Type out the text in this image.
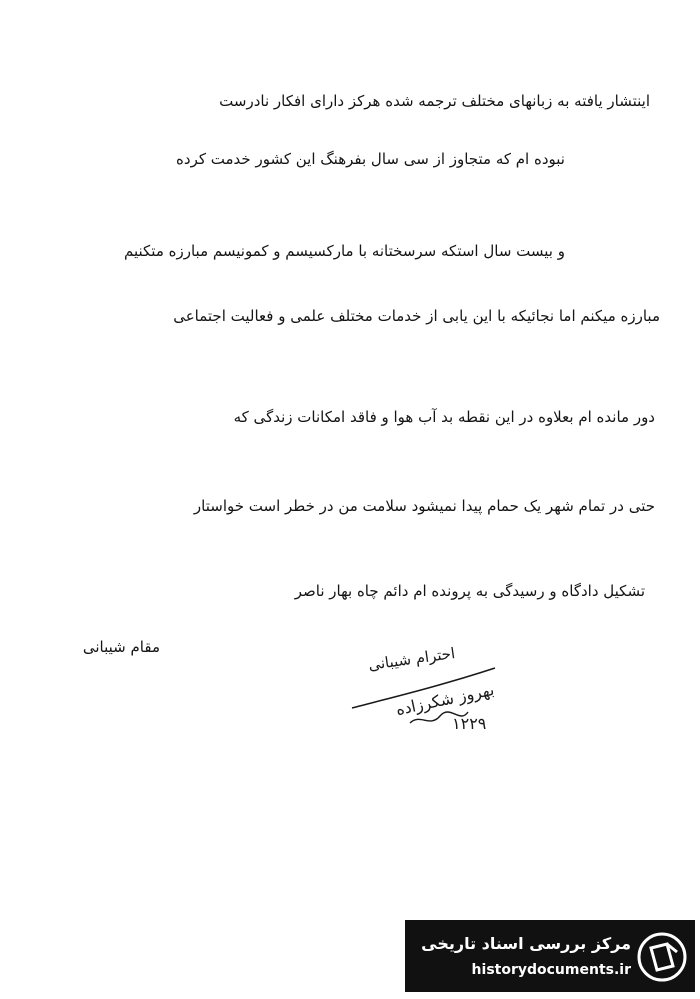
اینتشار یافته به زبانهای مختلف ترجمه شده هرکز دارای افکار نادرست
نبوده ام که متجاوز از سی سال بفرهنگ این کشور خدمت کرده
و بیست سال استکه سرسختانه با مارکسیسم و کمونیسم مبارزه متکنیم
مبارزه میکنم اما نجائیکه با این یابی از خدمات مختلف علمی و فعالیت اجتماعی
دور مانده ام بعلاوه در این نقطه بد آب هوا و فاقد امکانات زندگی که
حتی در تمام شهر یک حمام پیدا نمیشود سلامت من در خطر است خواستار
تشکیل دادگاه و رسیدگی به پرونده ام دائم چاه بهار ناصر
مقام شیبانی	احترام شیبانی
بهروز شکرزاده
۱۲۲۹
مرکز بررسی اسناد تاریخی
historydocuments.ir
